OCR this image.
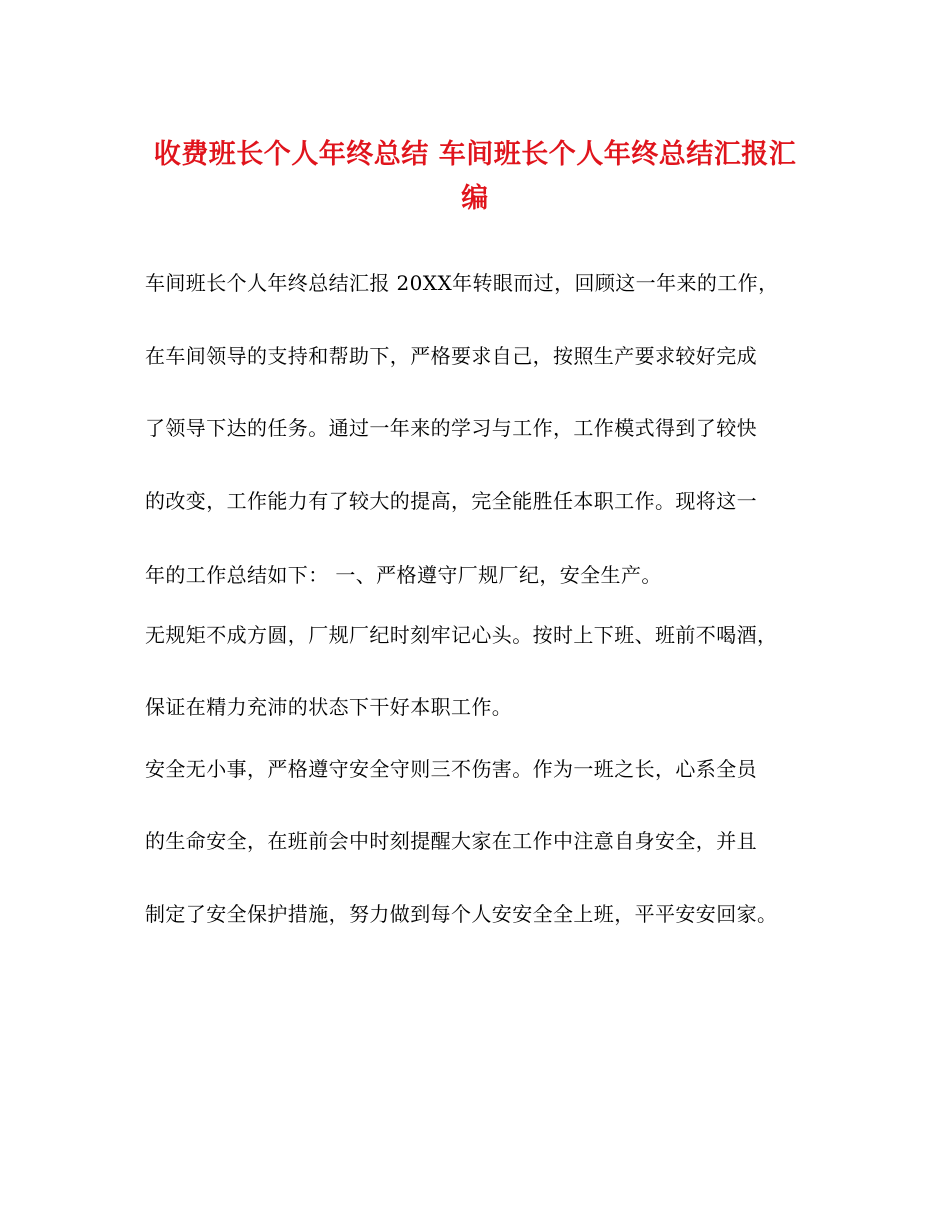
收费班长个人年终总结 车间班长个人年终总结汇报汇
编
车间班长个人年终总结汇报 20XX年转眼而过，回顾这一年来的工作，
在车间领导的支持和帮助下，严格要求自己，按照生产要求较好完成
了领导下达的任务。通过一年来的学习与工作，工作模式得到了较快
的改变，工作能力有了较大的提高，完全能胜任本职工作。现将这一
年的工作总结如下： 一、严格遵守厂规厂纪，安全生产。
无规矩不成方圆，厂规厂纪时刻牢记心头。按时上下班、班前不喝酒，
保证在精力充沛的状态下干好本职工作。
安全无小事，严格遵守安全守则三不伤害。作为一班之长，心系全员
的生命安全，在班前会中时刻提醒大家在工作中注意自身安全，并且
制定了安全保护措施，努力做到每个人安安全全上班，平平安安回家。
